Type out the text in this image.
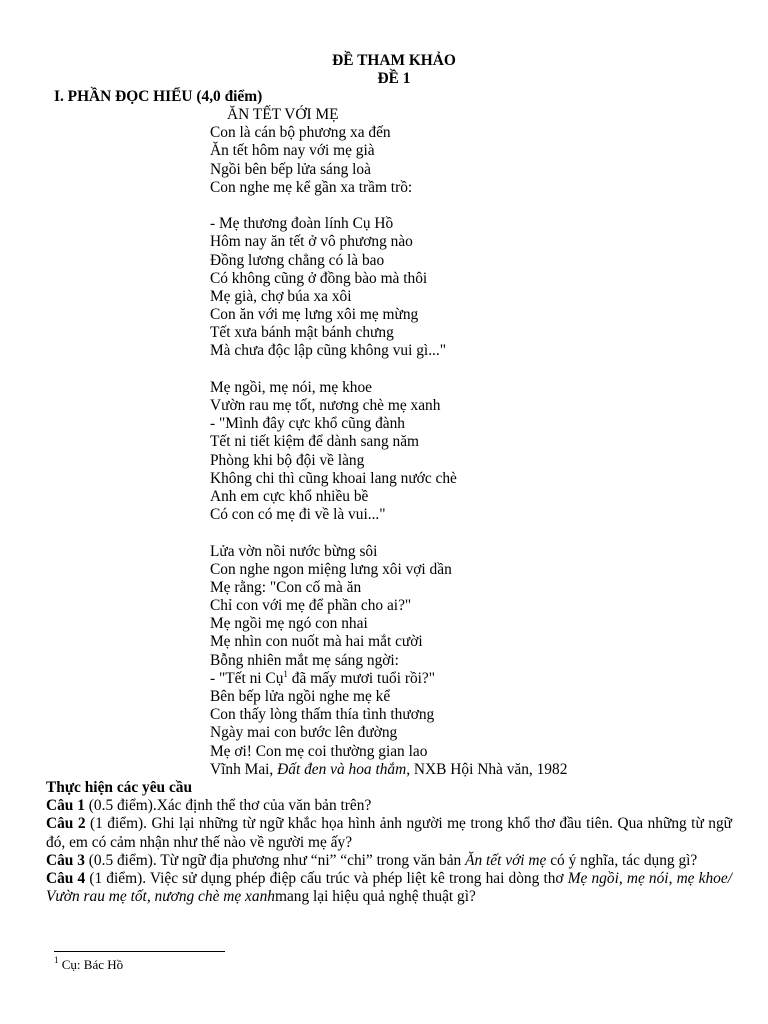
ĐỀ THAM KHẢO
ĐỀ 1
I. PHẦN ĐỌC HIỂU (4,0 điểm)
ĂN TẾT VỚI MẸ
Con là cán bộ phương xa đến
Ăn tết hôm nay với mẹ già
Ngồi bên bếp lửa sáng loà
Con nghe mẹ kể gần xa trầm trồ:
- Mẹ thương đoàn lính Cụ Hồ
Hôm nay ăn tết ở vô phương nào
Đồng lương chẳng có là bao
Có không cũng ở đồng bào mà thôi
Mẹ già, chợ búa xa xôi
Con ăn với mẹ lưng xôi mẹ mừng
Tết xưa bánh mật bánh chưng
Mà chưa độc lập cũng không vui gì..."
Mẹ ngồi, mẹ nói, mẹ khoe
Vườn rau mẹ tốt, nương chè mẹ xanh
- "Mình đây cực khổ cũng đành
Tết ni tiết kiệm để dành sang năm
Phòng khi bộ đội về làng
Không chi thì cũng khoai lang nước chè
Anh em cực khổ nhiều bề
Có con có mẹ đi về là vui..."
Lửa vờn nồi nước bừng sôi
Con nghe ngon miệng lưng xôi vợi dần
Mẹ rằng: "Con cố mà ăn
Chỉ con với mẹ để phần cho ai?"
Mẹ ngồi mẹ ngó con nhai
Mẹ nhìn con nuốt mà hai mắt cười
Bỗng nhiên mắt mẹ sáng ngời:
- "Tết ni Cụ$^1$ đã mấy mươi tuổi rồi?"
Bên bếp lửa ngồi nghe mẹ kể
Con thấy lòng thấm thía tình thương
Ngày mai con bước lên đường
Mẹ ơi! Con mẹ coi thường gian lao
Vĩnh Mai, Đất đen và hoa thắm, NXB Hội Nhà văn, 1982

Thực hiện các yêu cầu

Câu 1 (0.5 điểm).Xác định thể thơ của văn bản trên?

Câu 2 (1 điểm). Ghi lại những từ ngữ khắc họa hình ảnh người mẹ trong khổ thơ đầu tiên. Qua những từ ngữ đó, em có cảm nhận như thế nào về người mẹ ấy?

Câu 3 (0.5 điểm). Từ ngữ địa phương như “ni” “chi” trong văn bản Ăn tết với mẹ có ý nghĩa, tác dụng gì?

Câu 4 (1 điểm). Việc sử dụng phép điệp cấu trúc và phép liệt kê trong hai dòng thơ Mẹ ngồi, mẹ nói, mẹ khoe/ Vườn rau mẹ tốt, nương chè mẹ xanhmang lại hiệu quả nghệ thuật gì?

$^1$ Cụ: Bác Hồ
